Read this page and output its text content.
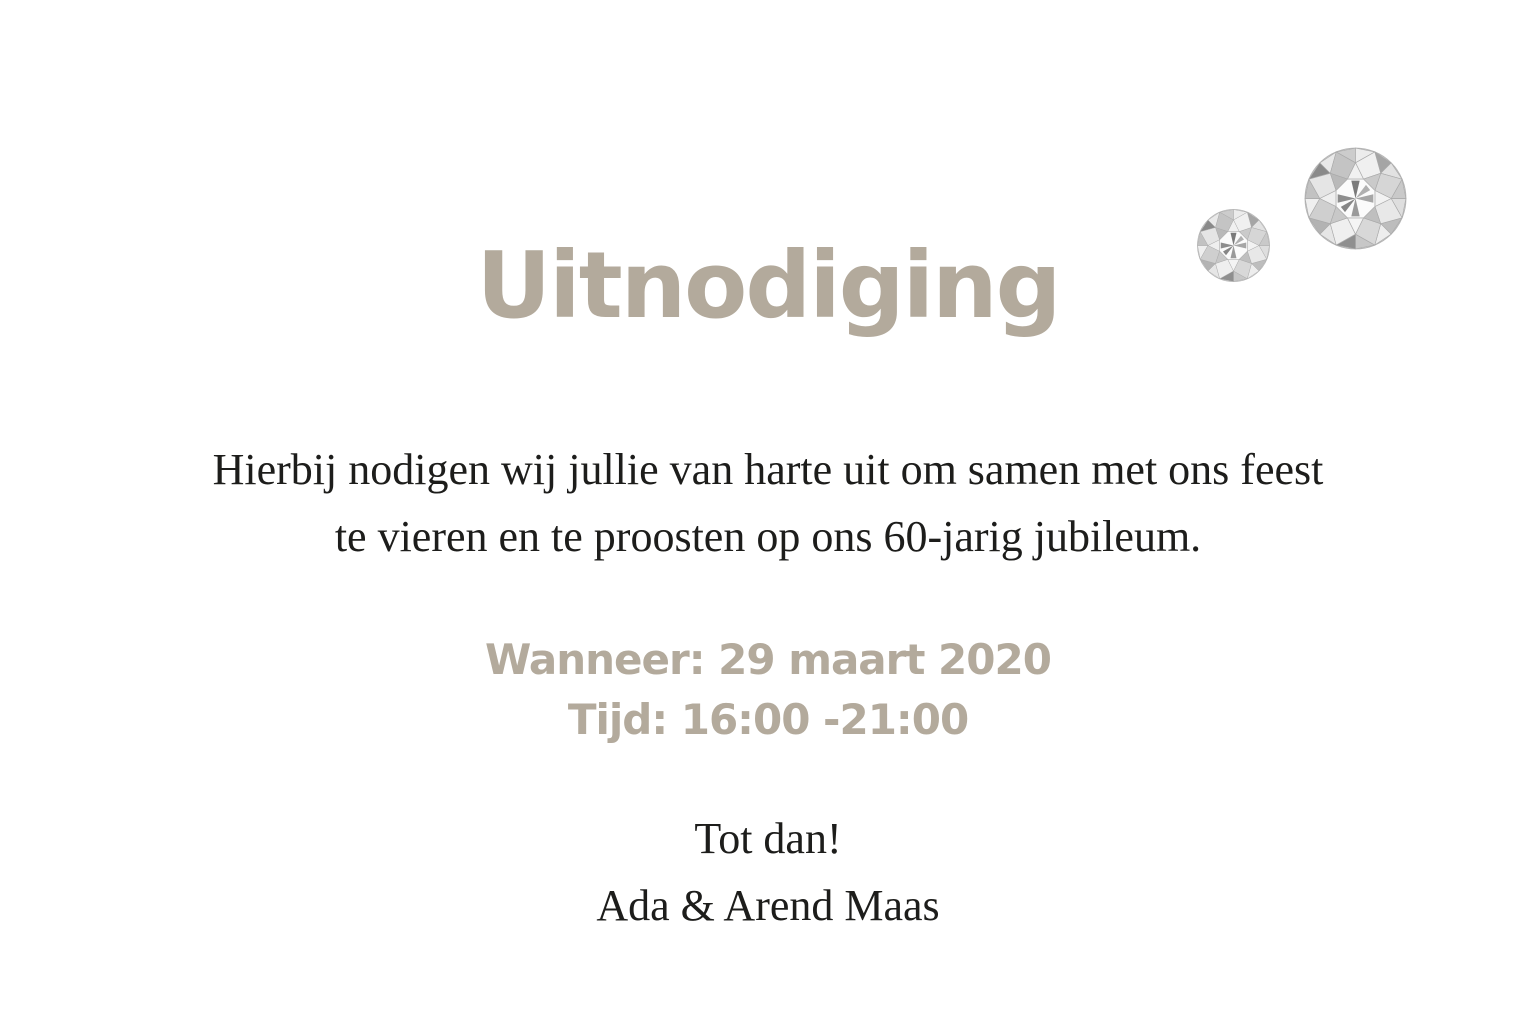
Uitnodiging

Hierbij nodigen wij jullie van harte uit om samen met ons feest
te vieren en te proosten op ons 60-jarig jubileum.

Wanneer: 29 maart 2020
Tijd: 16:00 -21:00

Tot dan!
Ada & Arend Maas
